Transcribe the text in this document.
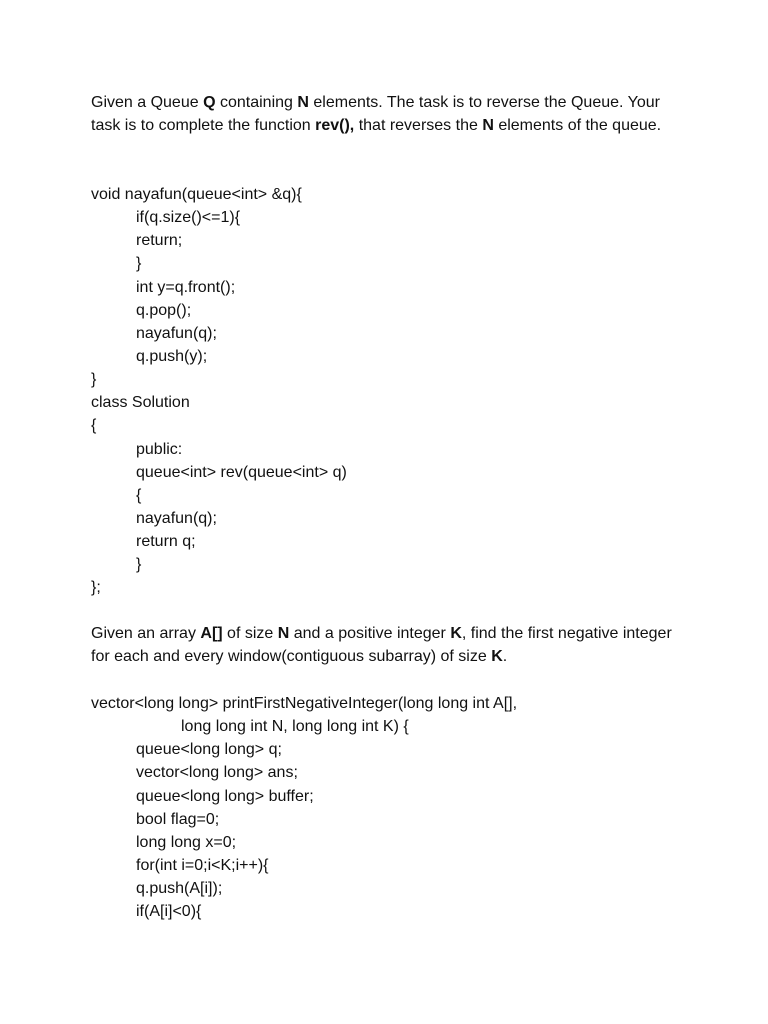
Given a Queue Q containing N elements. The task is to reverse the Queue. Your task is to complete the function rev(), that reverses the N elements of the queue.

void nayafun(queue<int> &q){
if(q.size()<=1){
return;
}
int y=q.front();
q.pop();
nayafun(q);
q.push(y);
}
class Solution
{
public:
queue<int> rev(queue<int> q)
{
nayafun(q);
return q;
}
};

Given an array A[] of size N and a positive integer K, find the first negative integer for each and every window(contiguous subarray) of size K.

vector<long long> printFirstNegativeInteger(long long int A[],
long long int N, long long int K) {
queue<long long> q;
vector<long long> ans;
queue<long long> buffer;
bool flag=0;
long long x=0;
for(int i=0;i<K;i++){
q.push(A[i]);
if(A[i]<0){
